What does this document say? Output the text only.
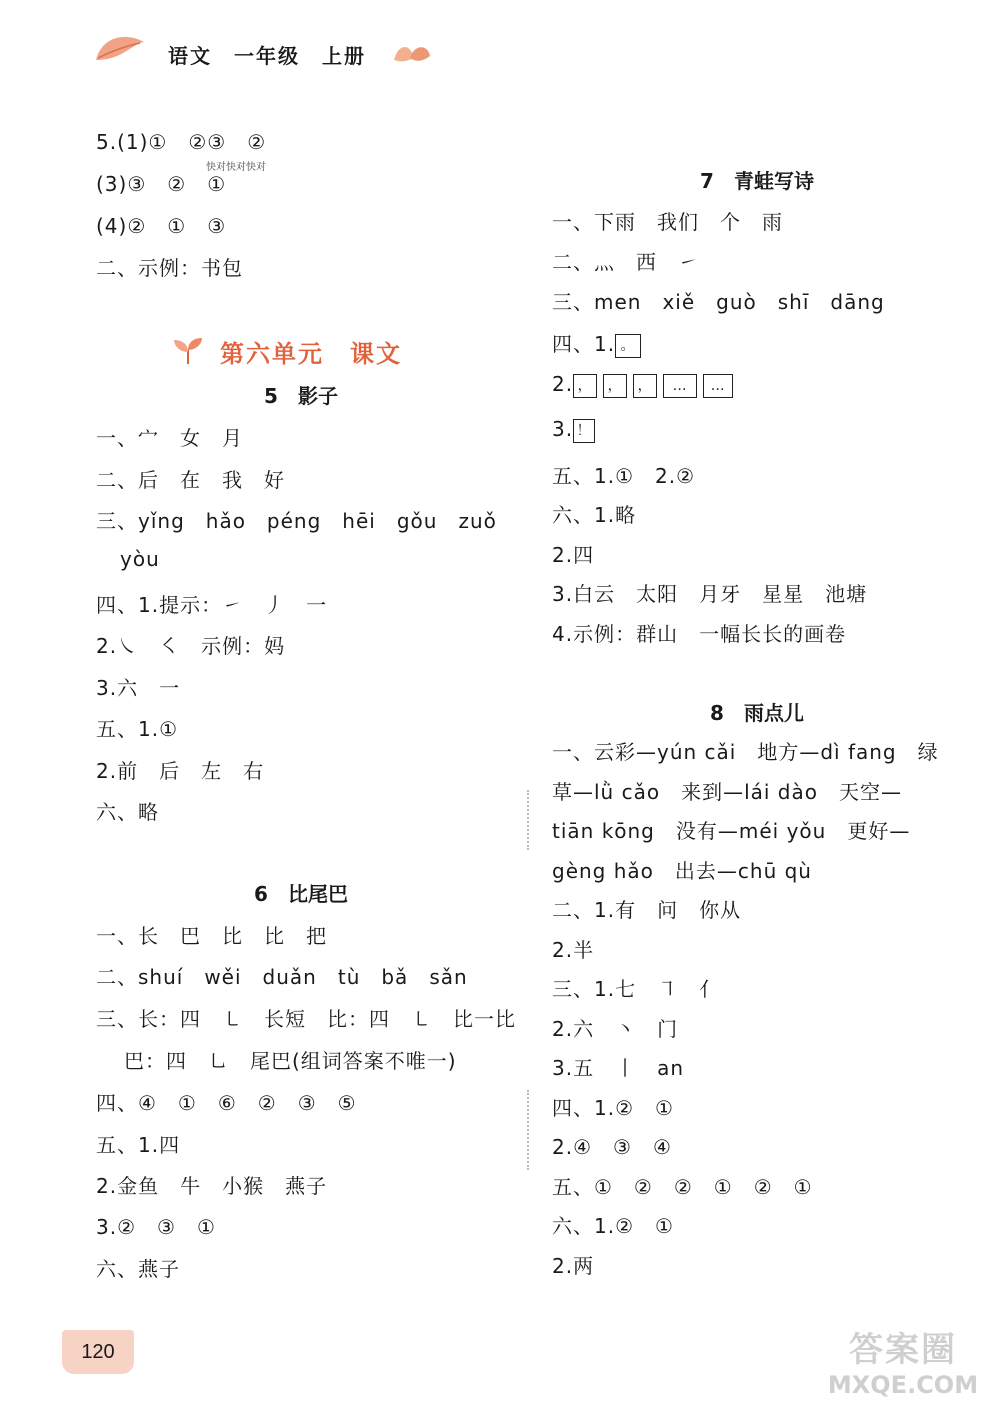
语文　一年级　上册
5.(1)①　②③　②
(3)③　②　①
(4)②　①　③
二、示例：书包
快对快对快对
第六单元　课文
5　影子
一、宀　女　月
二、后　在　我　好
三、yǐng　hǎo　péng　hēi　gǒu　zuǒ
yòu
四、1.提示：㇀　丿　一
2.㇏　㇛　示例：妈
3.六　一
五、1.①
2.前　后　左　右
六、略
6　比尾巴
一、长　巴　比　比　把
二、shuí　wěi　duǎn　tù　bǎ　sǎn
三、长：四　㇄　长短　比：四　㇄　比一比
巴：四　㇟　尾巴(组词答案不唯一)
四、④　①　⑥　②　③　⑤
五、1.四
2.金鱼　牛　小猴　燕子
3.②　③　①
六、燕子
7　青蛙写诗
一、下雨　我们　个　雨
二、灬　西　㇀
三、men　xiě　guò　shī　dāng
四、1. 。
2. ， ， ， … …
3. ！
五、1.①　2.②
六、1.略
2.四
3.白云　太阳　月牙　星星　池塘
4.示例：群山　一幅长长的画卷
8　雨点儿
一、云彩—yún cǎi　地方—dì fang　绿
草—lǜ cǎo　来到—lái dào　天空—
tiān kōng　没有—méi yǒu　更好—
gèng hǎo　出去—chū qù
二、1.有　问　你从
2.半
三、1.七　㇕　亻
2.六　丶　门
3.五　丨　an
四、1.②　①
2.④　③　④
五、①　②　②　①　②　①
六、1.②　①
2.两
120	答案圈
MXQE.COM
